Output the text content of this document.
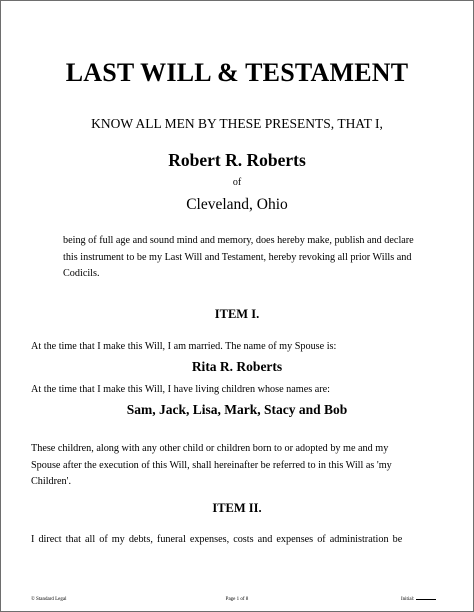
LAST WILL & TESTAMENT
KNOW ALL MEN BY THESE PRESENTS, THAT I,
Robert R. Roberts
of
Cleveland, Ohio
being of full age and sound mind and memory, does hereby make, publish and declare
this instrument to be my Last Will and Testament, hereby revoking all prior Wills and
Codicils.
ITEM I.
At the time that I make this Will, I am married. The name of my Spouse is:
Rita R. Roberts
At the time that I make this Will, I have living children whose names are:
Sam, Jack, Lisa, Mark, Stacy and Bob
These children, along with any other child or children born to or adopted by me and my
Spouse after the execution of this Will, shall hereinafter be referred to in this Will as 'my
Children'.
ITEM II.
I direct that all of my debts, funeral expenses, costs and expenses of administration be
© Standard Legal	Page 1 of 8	Initial:
